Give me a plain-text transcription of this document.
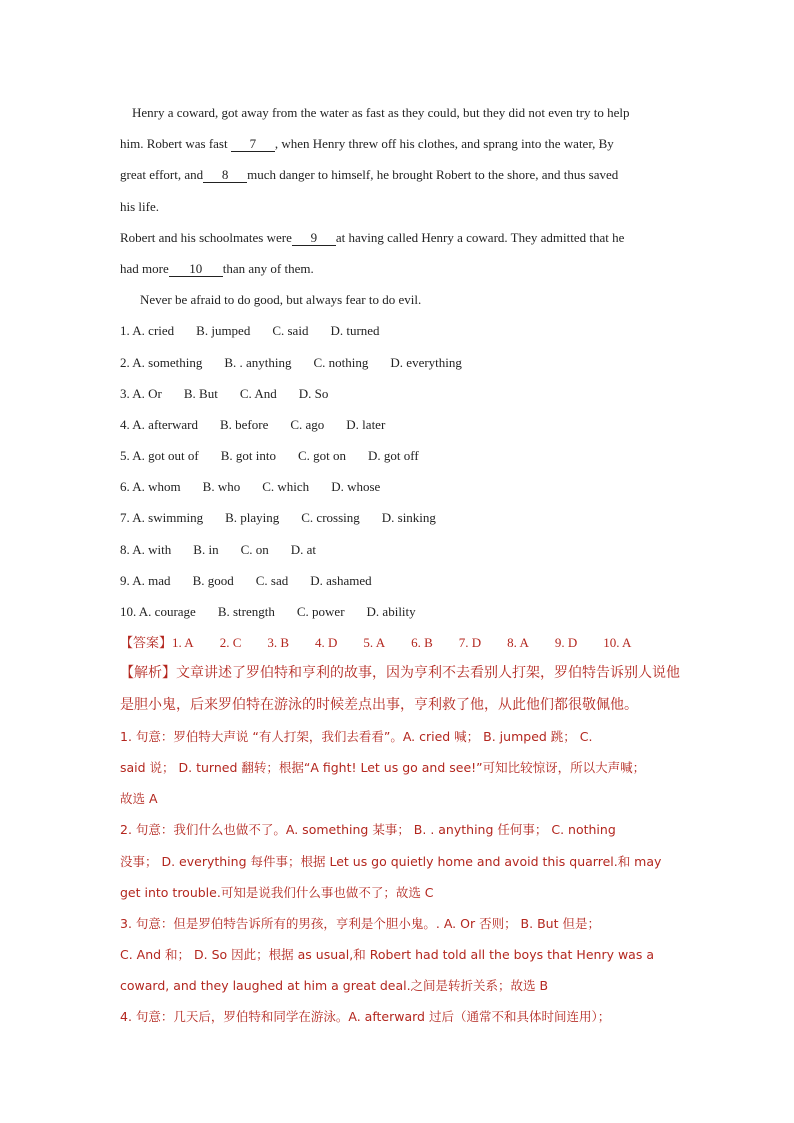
Henry a coward, got away from the water as fast as they could, but they did not even try to help
him. Robert was fast 7 , when Henry threw off his clothes, and sprang into the water, By
great effort, and 8 much danger to himself, he brought Robert to the shore, and thus saved
his life.
Robert and his schoolmates were 9 at having called Henry a coward. They admitted that he
had more 10 than any of them.
Never be afraid to do good, but always fear to do evil.
1. A. cried B. jumped C. said D. turned
2. A. something B. . anything C. nothing D. everything
3. A. Or B. But C. And D. So
4. A. afterward B. before C. ago D. later
5. A. got out of B. got into C. got on D. got off
6. A. whom B. who C. which D. whose
7. A. swimming B. playing C. crossing D. sinking
8. A. with B. in C. on D. at
9. A. mad B. good C. sad D. ashamed
10. A. courage B. strength C. power D. ability
【答案】1. A 2. C 3. B 4. D 5. A 6. B 7. D 8. A 9. D 10. A
【解析】文章讲述了罗伯特和亨利的故事，因为亨利不去看别人打架，罗伯特告诉别人说他
是胆小鬼，后来罗伯特在游泳的时候差点出事，亨利救了他，从此他们都很敬佩他。
1. 句意：罗伯特大声说 “有人打架，我们去看看”。A. cried 喊； B. jumped 跳； C.
said 说； D. turned 翻转；根据“A fight! Let us go and see!”可知比较惊讶，所以大声喊；
故选 A
2. 句意：我们什么也做不了。A. something 某事； B. . anything 任何事； C. nothing
没事； D. everything 每件事；根据 Let us go quietly home and avoid this quarrel.和 may
get into trouble.可知是说我们什么事也做不了；故选 C
3. 句意：但是罗伯特告诉所有的男孩，亨利是个胆小鬼。. A. Or 否则； B. But 但是；
C. And 和； D. So 因此；根据 as usual,和 Robert had told all the boys that Henry was a
coward, and they laughed at him a great deal.之间是转折关系；故选 B
4. 句意：几天后，罗伯特和同学在游泳。A. afterward 过后（通常不和具体时间连用）；
